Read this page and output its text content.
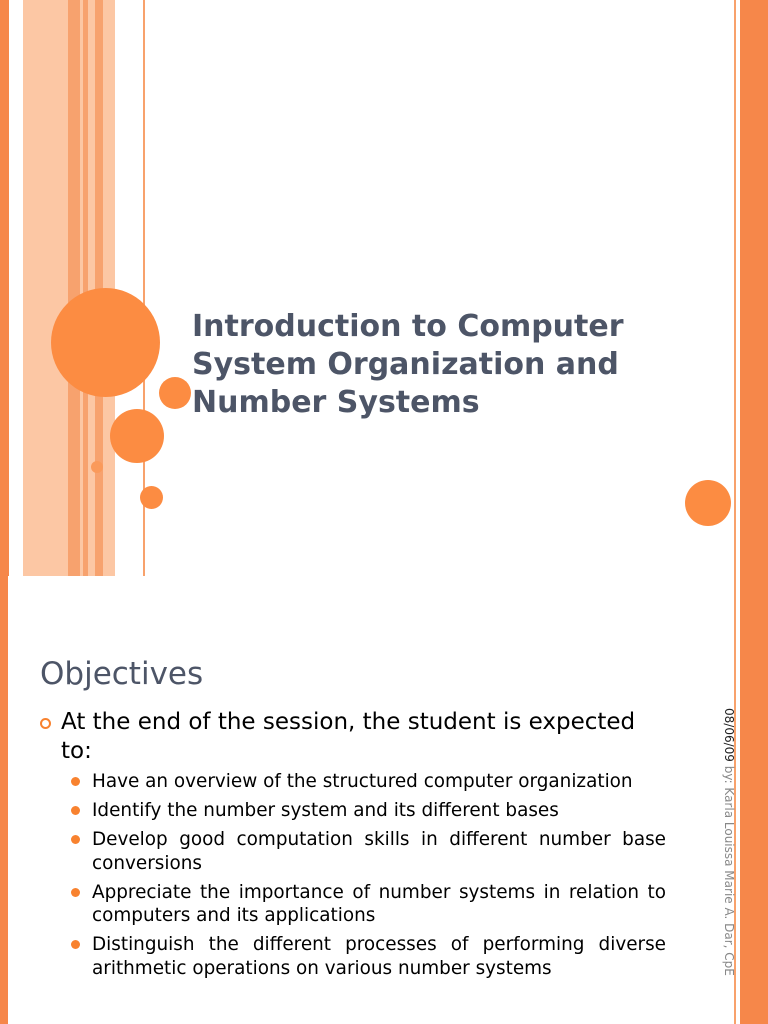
Introduction to Computer System Organization and Number Systems
Objectives
At the end of the session, the student is expected to:
Have an overview of the structured computer organization
Identify the number system and its different bases
Develop good computation skills in different number base conversions
Appreciate the importance of number systems in relation to computers and its applications
Distinguish the different processes of performing diverse arithmetic operations on various number systems
08/06/09 by: Karla Louissa Marie A. Dar, CpE
